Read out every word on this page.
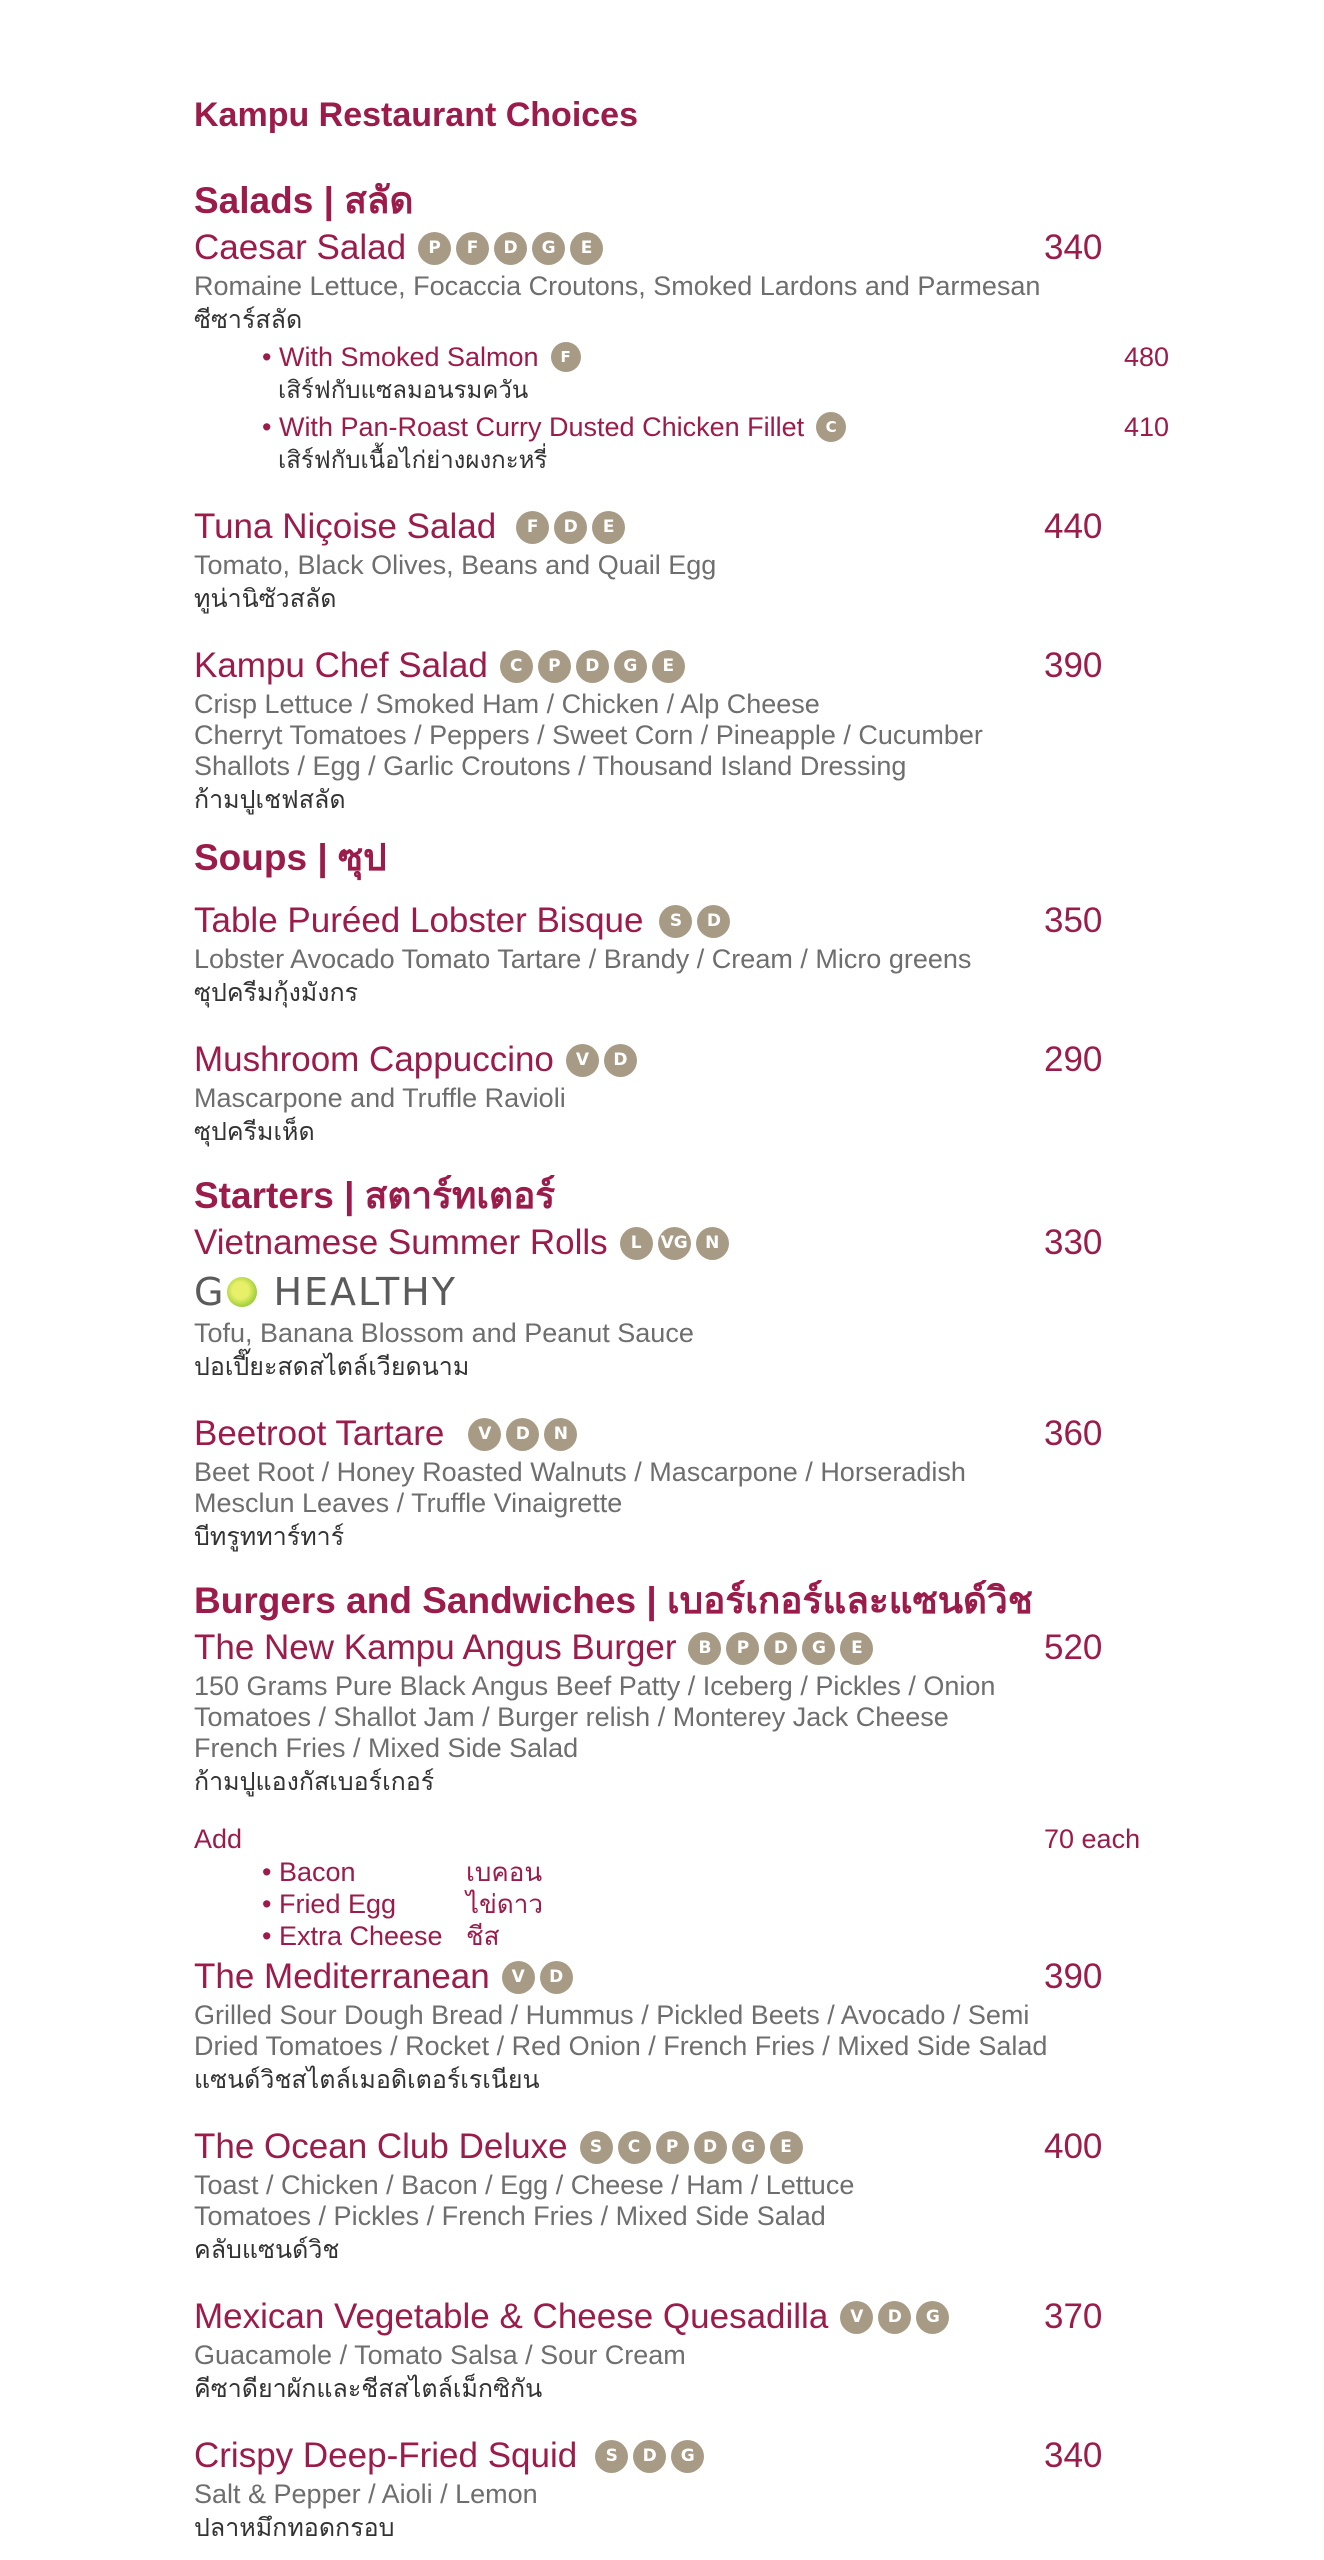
Kampu Restaurant Choices
Salads | สลัด
Caesar Salad	P	F	D	G	E	340
Romaine Lettuce, Focaccia Croutons, Smoked Lardons and Parmesan
ซีซาร์สลัด
• With Smoked Salmon	F	480
เสิร์ฟกับแซลมอนรมควัน
• With Pan-Roast Curry Dusted Chicken Fillet	C	410
เสิร์ฟกับเนื้อไก่ย่างผงกะหรี่
Tuna Niçoise Salad	F	D	E	440
Tomato, Black Olives, Beans and Quail Egg
ทูน่านิซัวสลัด
Kampu Chef Salad	C	P	D	G	E	390
Crisp Lettuce / Smoked Ham / Chicken / Alp Cheese
Cherryt Tomatoes / Peppers / Sweet Corn / Pineapple / Cucumber
Shallots / Egg / Garlic Croutons / Thousand Island Dressing
ก้ามปูเชฟสลัด
Soups | ซุป
Table Puréed Lobster Bisque	S	D	350
Lobster Avocado Tomato Tartare / Brandy / Cream / Micro greens
ซุปครีมกุ้งมังกร
Mushroom Cappuccino	V	D	290
Mascarpone and Truffle Ravioli
ซุปครีมเห็ด
Starters | สตาร์ทเตอร์
Vietnamese Summer Rolls	L	VG	N	330
G HEALTHY
Tofu, Banana Blossom and Peanut Sauce
ปอเปี๊ยะสดสไตล์เวียดนาม
Beetroot Tartare	V	D	N	360
Beet Root / Honey Roasted Walnuts / Mascarpone / Horseradish
Mesclun Leaves / Truffle Vinaigrette
บีทรูททาร์ทาร์
Burgers and Sandwiches | เบอร์เกอร์และแซนด์วิช
The New Kampu Angus Burger	B	P	D	G	E	520
150 Grams Pure Black Angus Beef Patty / Iceberg / Pickles / Onion
Tomatoes / Shallot Jam / Burger relish / Monterey Jack Cheese
French Fries / Mixed Side Salad
ก้ามปูแองกัสเบอร์เกอร์
Add	70 each
• Bacon	เบคอน
• Fried Egg	ไข่ดาว
• Extra Cheese ชีส
The Mediterranean	V	D	390
Grilled Sour Dough Bread / Hummus / Pickled Beets / Avocado / Semi
Dried Tomatoes / Rocket / Red Onion / French Fries / Mixed Side Salad
แซนด์วิชสไตล์เมอดิเตอร์เรเนียน
The Ocean Club Deluxe	S	C	P	D	G	E	400
Toast / Chicken / Bacon / Egg / Cheese / Ham / Lettuce
Tomatoes / Pickles / French Fries / Mixed Side Salad
คลับแซนด์วิช
Mexican Vegetable & Cheese Quesadilla	V	D	G	370
Guacamole / Tomato Salsa / Sour Cream
คีซาดียาผักและชีสสไตล์เม็กซิกัน
Crispy Deep-Fried Squid	S	D	G	340
Salt & Pepper / Aioli / Lemon
ปลาหมึกทอดกรอบ
